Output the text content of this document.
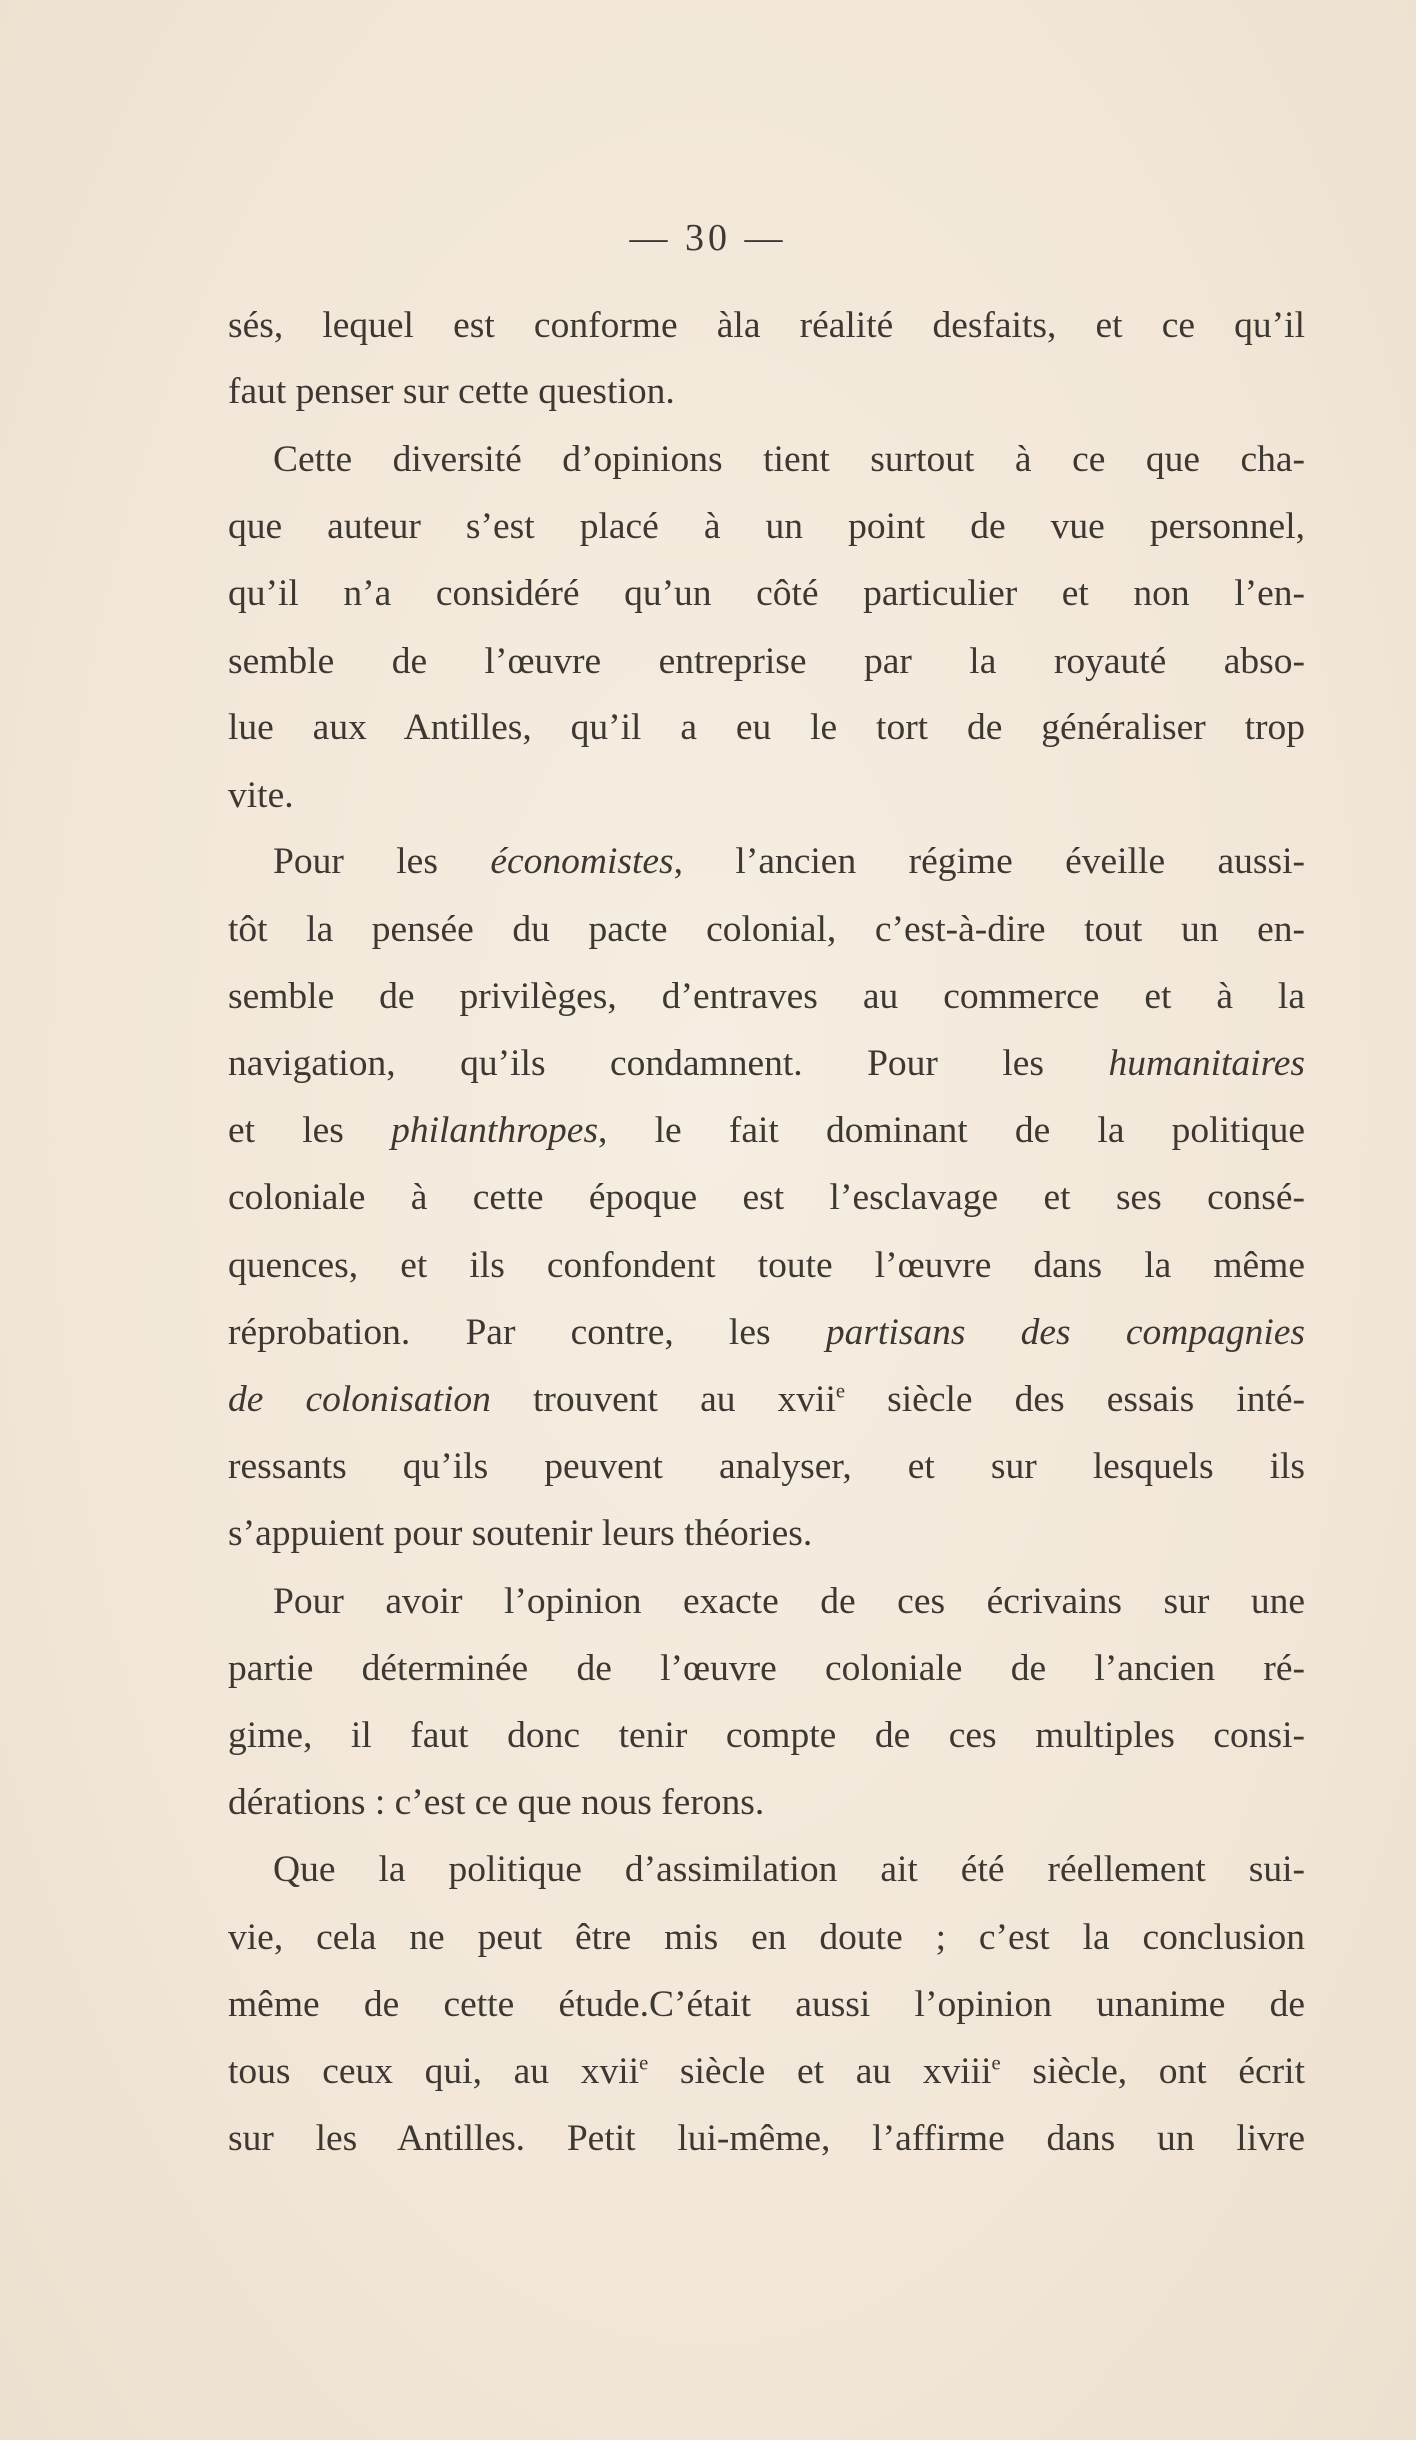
— 30 —
sés, lequel est conforme àla réalité desfaits, et ce qu’il
faut penser sur cette question.
Cette diversité d’opinions tient surtout à ce que cha-
que auteur s’est placé à un point de vue personnel,
qu’il n’a considéré qu’un côté particulier et non l’en-
semble de l’œuvre entreprise par la royauté abso-
lue aux Antilles, qu’il a eu le tort de généraliser trop
vite.
Pour les économistes, l’ancien régime éveille aussi-
tôt la pensée du pacte colonial, c’est-à-dire tout un en-
semble de privilèges, d’entraves au commerce et à la
navigation, qu’ils condamnent. Pour les humanitaires
et les philanthropes, le fait dominant de la politique
coloniale à cette époque est l’esclavage et ses consé-
quences, et ils confondent toute l’œuvre dans la même
réprobation. Par contre, les partisans des compagnies
de colonisation trouvent au xvii$^e$ siècle des essais inté-
ressants qu’ils peuvent analyser, et sur lesquels ils
s’appuient pour soutenir leurs théories.
Pour avoir l’opinion exacte de ces écrivains sur une
partie déterminée de l’œuvre coloniale de l’ancien ré-
gime, il faut donc tenir compte de ces multiples consi-
dérations : c’est ce que nous ferons.
Que la politique d’assimilation ait été réellement sui-
vie, cela ne peut être mis en doute ; c’est la conclusion
même de cette étude.C’était aussi l’opinion unanime de
tous ceux qui, au xvii$^e$ siècle et au xviii$^e$ siècle, ont écrit
sur les Antilles. Petit lui-même, l’affirme dans un livre
